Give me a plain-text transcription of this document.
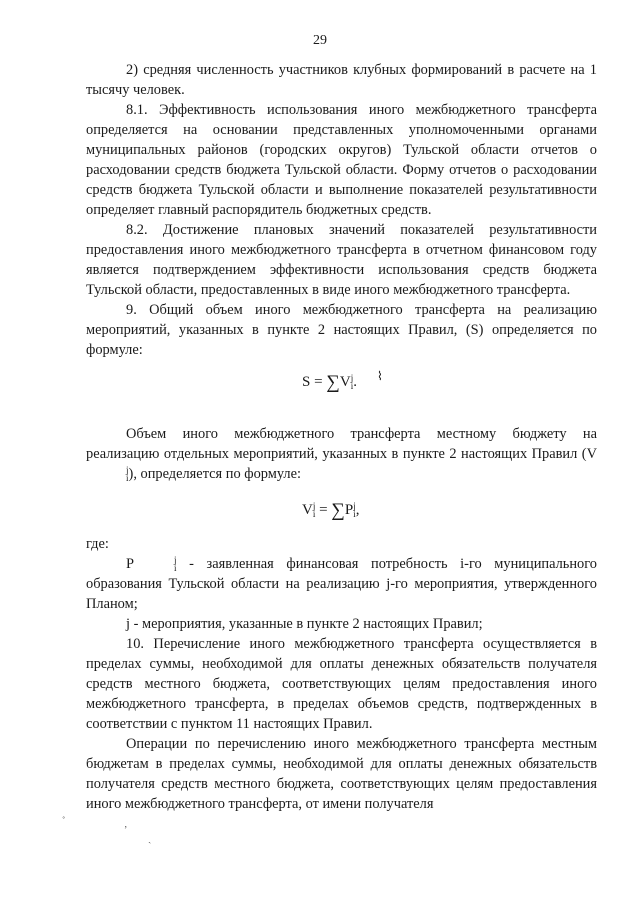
29

2) средняя численность участников клубных формирований в расчете на 1 тысячу человек.

8.1. Эффективность использования иного межбюджетного трансферта определяется на основании представленных уполномоченными органами муниципальных районов (городских округов) Тульской области отчетов о расходовании средств бюджета Тульской области. Форму отчетов о расходовании средств бюджета Тульской области и выполнение показателей результативности определяет главный распорядитель бюджетных средств.

8.2. Достижение плановых значений показателей результативности предоставления иного межбюджетного трансферта в отчетном финансовом году является подтверждением эффективности использования средств бюджета Тульской области, предоставленных в виде иного межбюджетного трансферта.

9. Общий объем иного межбюджетного трансферта на реализацию мероприятий, указанных в пункте 2 настоящих Правил, (S) определяется по формуле:

S = ∑V j
i . ⌇

Объем иного межбюджетного трансферта местному бюджету на реализацию отдельных мероприятий, указанных в пункте 2 настоящих Правил (V
j
i ), определяется по формуле:

V j
i = ∑P j
i ,

где:

P	j
i - заявленная финансовая потребность i-го муниципального образования Тульской области на реализацию j-го мероприятия, утвержденного Планом;

j - мероприятия, указанные в пункте 2 настоящих Правил;

10. Перечисление иного межбюджетного трансферта осуществляется в пределах суммы, необходимой для оплаты денежных обязательств получателя средств местного бюджета, соответствующих целям предоставления иного межбюджетного трансферта, в пределах объемов средств, подтвержденных в соответствии с пунктом 11 настоящих Правил.

Операции по перечислению иного межбюджетного трансферта местным бюджетам в пределах суммы, необходимой для оплаты денежных обязательств получателя средств местного бюджета, соответствующих целям предоставления иного межбюджетного трансферта, от имени получателя

˳
ʼ
ˏ
